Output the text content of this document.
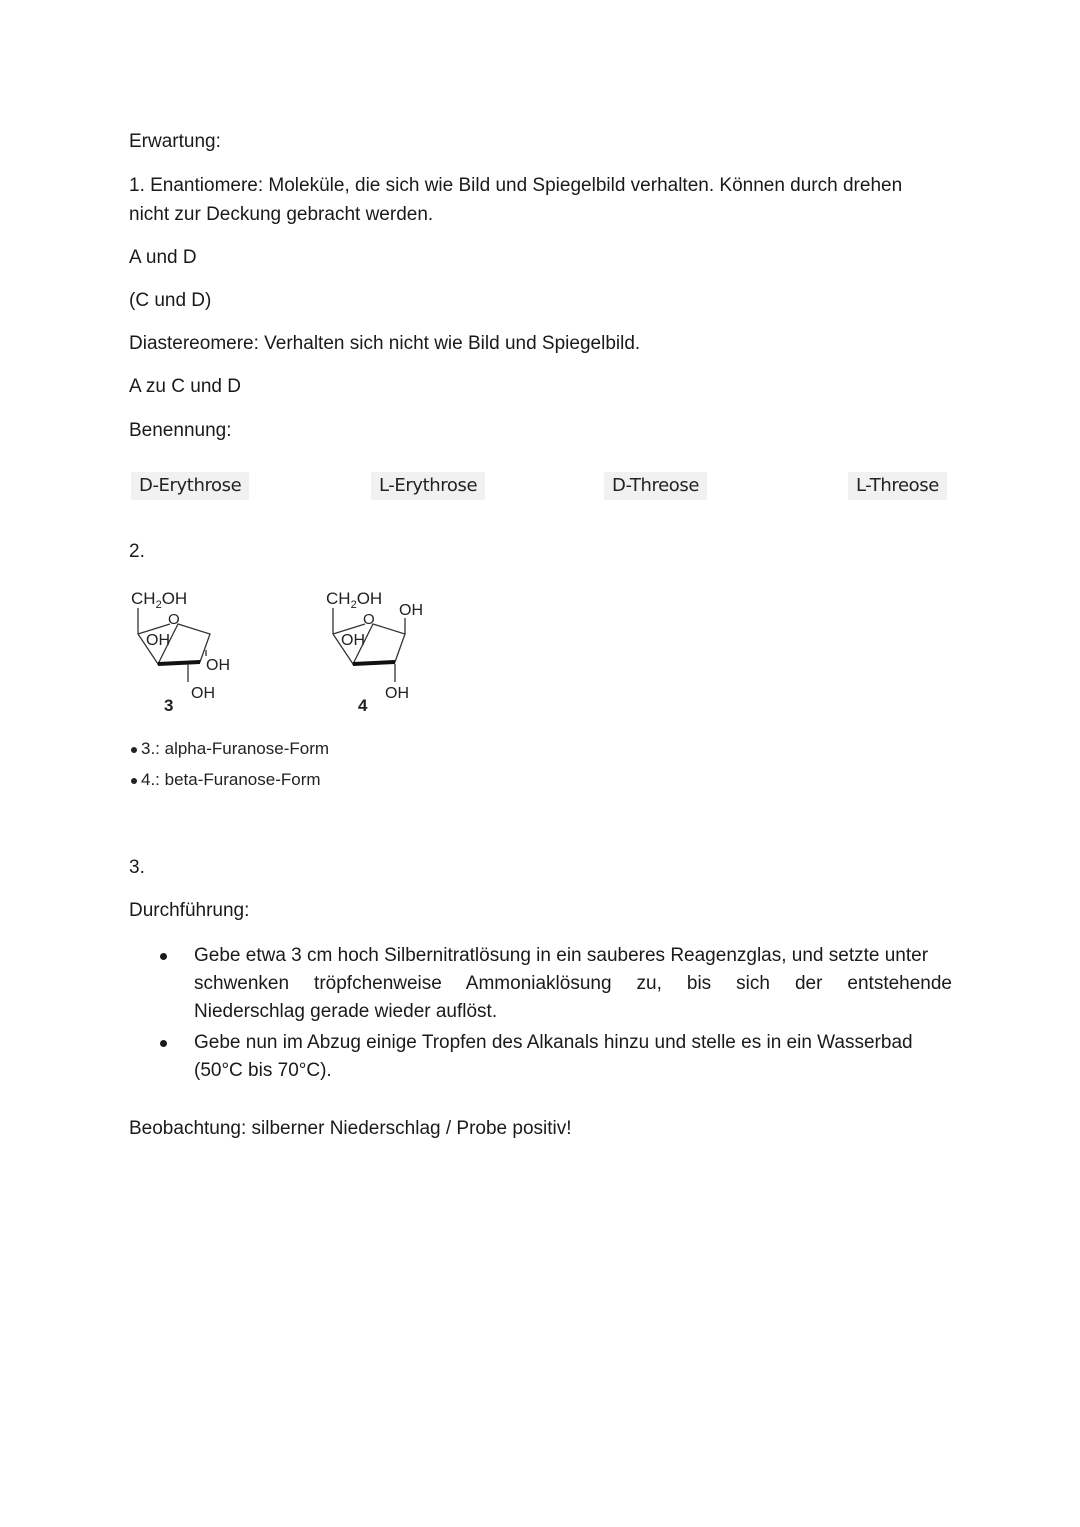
Erwartung:
1. Enantiomere: Moleküle, die sich wie Bild und Spiegelbild verhalten. Können durch drehen
nicht zur Deckung gebracht werden.
A und D
(C und D)
Diastereomere: Verhalten sich nicht wie Bild und Spiegelbild.
A zu C und D
Benennung:
D-Erythrose	L-Erythrose	D-Threose	L-Threose
2.
$CH_2OH$
O
OH
OH
OH
3
$CH_2OH$
O
OH
OH
OH
4
3.: alpha-Furanose-Form
4.: beta-Furanose-Form
3.
Durchführung:
Gebe etwa 3 cm hoch Silbernitratlösung in ein sauberes Reagenzglas, und setzte unter
schwenken tröpfchenweise Ammoniaklösung zu, bis sich der entstehende
Niederschlag gerade wieder auflöst.
Gebe nun im Abzug einige Tropfen des Alkanals hinzu und stelle es in ein Wasserbad
(50°C bis 70°C).
Beobachtung: silberner Niederschlag / Probe positiv!
